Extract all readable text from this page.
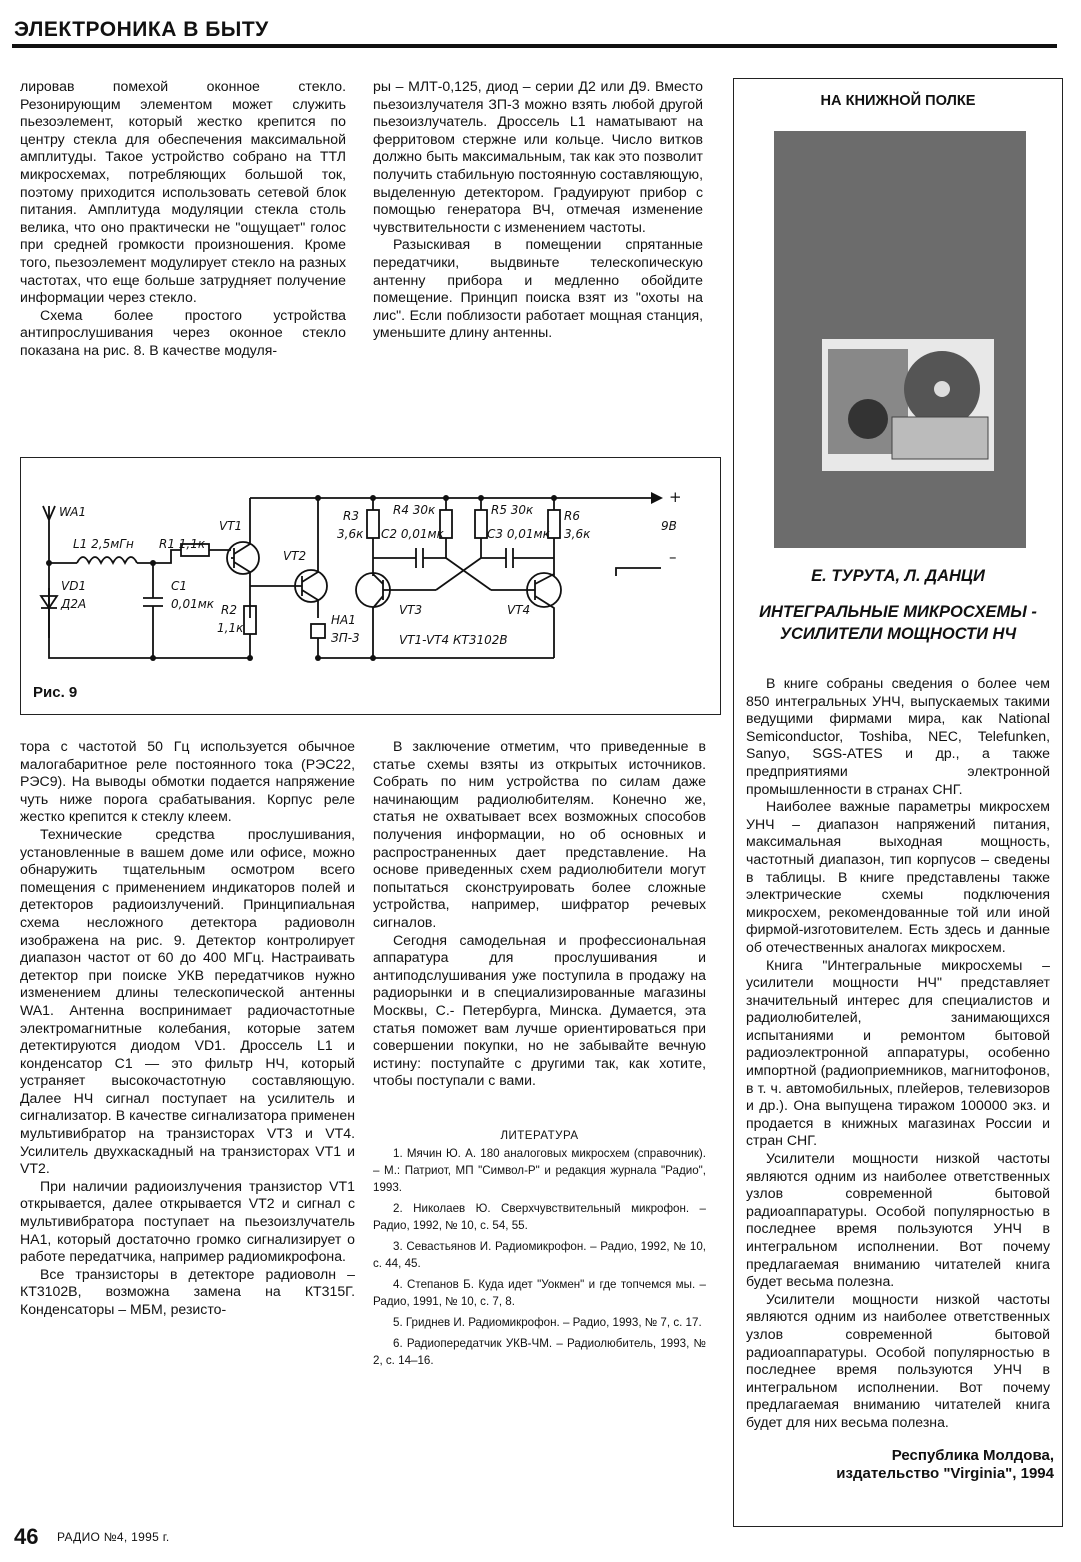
ЭЛЕКТРОНИКА В БЫТУ

лировав помехой оконное стекло. Резонирующим элементом может служить пьезоэлемент, который жестко крепится по центру стекла для обеспечения максимальной амплитуды. Такое устройство собрано на ТТЛ микросхемах, потребляющих большой ток, поэтому приходится использовать сетевой блок питания. Амплитуда модуляции стекла столь велика, что оно практически не "ощущает" голос при средней громкости произношения. Кроме того, пьезоэлемент модулирует стекло на разных частотах, что еще больше затрудняет получение информации через стекло.

Схема более простого устройства антипрослушивания через оконное стекло показана на рис. 8. В качестве модуля-

ры – МЛТ-0,125, диод – серии Д2 или Д9. Вместо пьезоизлучателя ЗП-3 можно взять любой другой пьезоизлучатель. Дроссель L1 наматывают на ферритовом стержне или кольце. Число витков должно быть максимальным, так как это позволит получить стабильную постоянную составляющую, выделенную детектором. Градуируют прибор с помощью генератора ВЧ, отмечая изменение чувствительности с изменением частоты.

Разыскивая в помещении спрятанные передатчики, выдвиньте телескопическую антенну прибора и медленно обойдите помещение. Принцип поиска взят из "охоты на лис". Если поблизости работает мощная станция, уменьшите длину антенны.

WA1
L1 2,5мГн R1 1,1к
VD1
Д2А
C1
0,01мк
VT1
VT2
R2
1,1к
R3
3,6к
R4 30к
C2 0,01мк
R5 30к
C3 0,01мк
R6
3,6к
HA1
ЗП-3
VT3	VT4
VT1-VT4 КТ3102В
+
9В
–
Рис. 9

тора с частотой 50 Гц используется обычное малогабаритное реле постоянного тока (РЭС22, РЭС9). На выводы обмотки подается напряжение чуть ниже порога срабатывания. Корпус реле жестко крепится к стеклу клеем.

Технические средства прослушивания, установленные в вашем доме или офисе, можно обнаружить тщательным осмотром всего помещения с применением индикаторов полей и детекторов радиоизлучений. Принципиальная схема несложного детектора радиоволн изображена на рис. 9. Детектор контролирует диапазон частот от 60 до 400 МГц. Настраивать детектор при поиске УКВ передатчиков нужно изменением длины телескопической антенны WA1. Антенна воспринимает радиочастотные электромагнитные колебания, которые затем детектируются диодом VD1. Дроссель L1 и конденсатор C1 — это фильтр НЧ, который устраняет высокочастотную составляющую. Далее НЧ сигнал поступает на усилитель и сигнализатор. В качестве сигнализатора применен мультивибратор на транзисторах VT3 и VT4. Усилитель двухкаскадный на транзисторах VT1 и VT2.

При наличии радиоизлучения транзистор VT1 открывается, далее открывается VT2 и сигнал с мультивибратора поступает на пьезоизлучатель HA1, который достаточно громко сигнализирует о работе передатчика, например радиомикрофона.

Все транзисторы в детекторе радиоволн – КТ3102В, возможна замена на КТ315Г. Конденсаторы – МБМ, резисто-

В заключение отметим, что приведенные в статье схемы взяты из открытых источников. Собрать по ним устройства по силам даже начинающим радиолюбителям. Конечно же, статья не охватывает всех возможных способов получения информации, но об основных и распространенных дает представление. На основе приведенных схем радиолюбители могут попытаться сконструировать более сложные устройства, например, шифратор речевых сигналов.

Сегодня самодельная и профессиональная аппаратура для прослушивания и антиподслушивания уже поступила в продажу на радиорынки и в специализированные магазины Москвы, С.- Петербурга, Минска. Думается, эта статья поможет вам лучше ориентироваться при совершении покупки, но не забывайте вечную истину: поступайте с другими так, как хотите, чтобы поступали с вами.

ЛИТЕРАТУРА

1. Мячин Ю. А. 180 аналоговых микросхем (справочник). – М.: Патриот, МП "Символ-Р" и редакция журнала "Радио", 1993.

2. Николаев Ю. Сверхчувствительный микрофон. – Радио, 1992, № 10, с. 54, 55.

3. Севастьянов И. Радиомикрофон. – Радио, 1992, № 10, с. 44, 45.

4. Степанов Б. Куда идет "Уокмен" и где топчемся мы. – Радио, 1991, № 10, с. 7, 8.

5. Гриднев И. Радиомикрофон. – Радио, 1993, № 7, с. 17.

6. Радиопередатчик УКВ-ЧМ. – Радиолюбитель, 1993, № 2, с. 14–16.

НА КНИЖНОЙ ПОЛКЕ
Е. ТУРУТА, Л. ДАНЦИ
ИНТЕГРАЛЬНЫЕ МИКРОСХЕМЫ - УСИЛИТЕЛИ МОЩНОСТИ НЧ

В книге собраны сведения о более чем 850 интегральных УНЧ, выпускаемых такими ведущими фирмами мира, как National Semiconductor, Toshiba, NEC, Telefunken, Sanyo, SGS-ATES и др., а также предприятиями электронной промышленности в странах СНГ.

Наиболее важные параметры микросхем УНЧ – диапазон напряжений питания, максимальная выходная мощность, частотный диапазон, тип корпусов – сведены в таблицы. В книге представлены также электрические схемы подключения микросхем, рекомендованные той или иной фирмой-изготовителем. Есть здесь и данные об отечественных аналогах микросхем.

Книга "Интегральные микросхемы – усилители мощности НЧ" представляет значительный интерес для специалистов и радиолюбителей, занимающихся испытаниями и ремонтом бытовой радиоэлектронной аппаратуры, особенно импортной (радиоприемников, магнитофонов, в т. ч. автомобильных, плейеров, телевизоров и др.). Она выпущена тиражом 100000 экз. и продается в книжных магазинах России и стран СНГ.

Усилители мощности низкой частоты являются одним из наиболее ответственных узлов современной бытовой радиоаппаратуры. Особой популярностью в последнее время пользуются УНЧ в интегральном исполнении. Вот почему предлагаемая вниманию читателей книга будет весьма полезна.

Усилители мощности низкой частоты являются одним из наиболее ответственных узлов современной бытовой радиоаппаратуры. Особой популярностью в последнее время пользуются УНЧ в интегральном исполнении. Вот почему предлагаемая вниманию читателей книга будет для них весьма полезна.

Республика Молдова,
издательство "Virginia", 1994
46 РАДИО №4, 1995 г.
